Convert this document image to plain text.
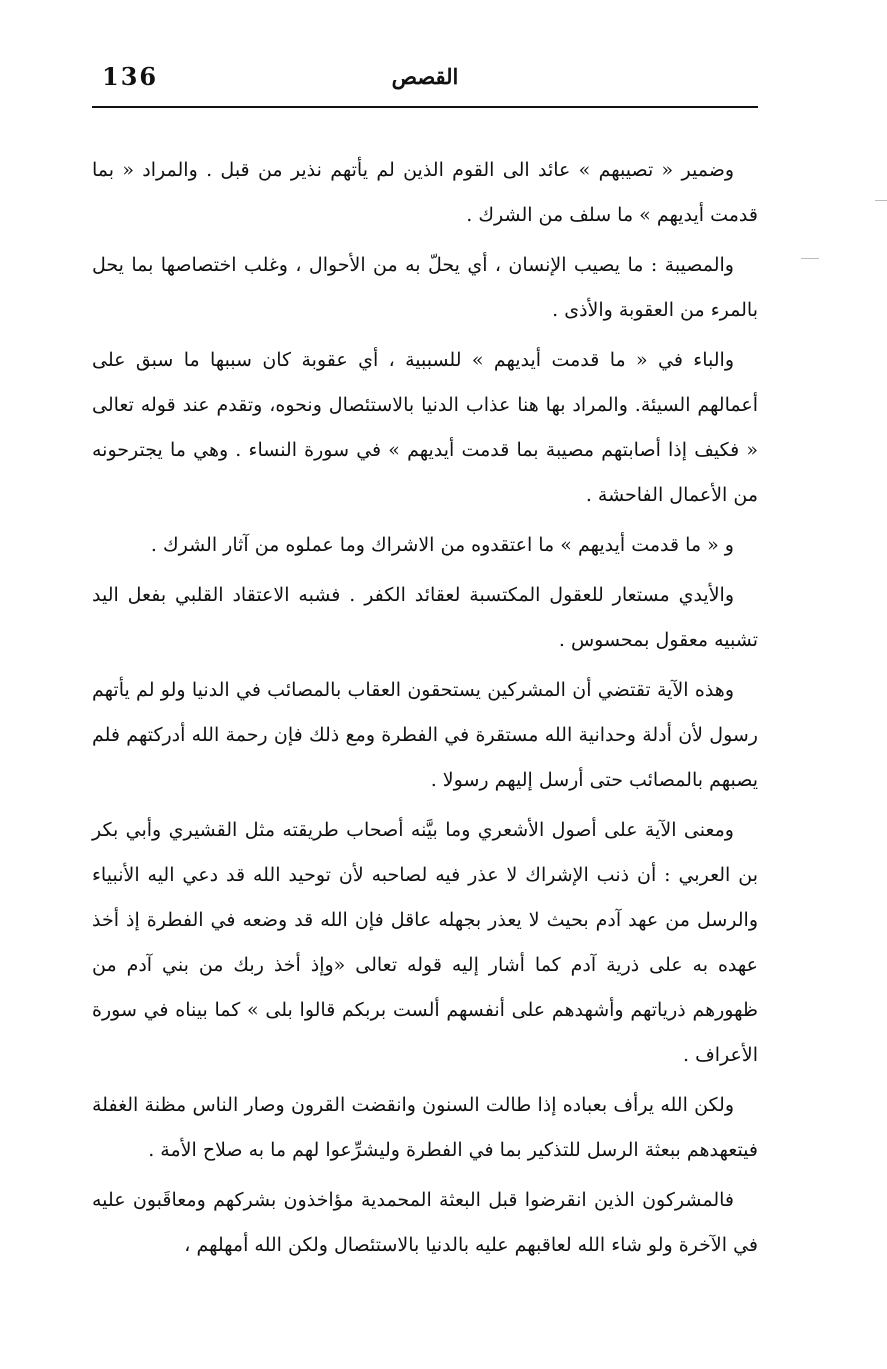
136	القصص

وضمير « تصيبهم » عائد الى القوم الذين لم يأتهم نذير من قبل . والمراد « بما قدمت أيديهم » ما سلف من الشرك .

والمصيبة : ما يصيب الإنسان ، أي يحلّ به من الأحوال ، وغلب اختصاصها بما يحل بالمرء من العقوبة والأذى .

والباء في « ما قدمت أيديهم » للسببية ، أي عقوبة كان سببها ما سبق على أعمالهم السيئة. والمراد بها هنا عذاب الدنيا بالاستئصال ونحوه، وتقدم عند قوله تعالى « فكيف إذا أصابتهم مصيبة بما قدمت أيديهم » في سورة النساء . وهي ما يجترحونه من الأعمال الفاحشة .

و « ما قدمت أيديهم » ما اعتقدوه من الاشراك وما عملوه من آثار الشرك .

والأيدي مستعار للعقول المكتسبة لعقائد الكفر . فشبه الاعتقاد القلبي بفعل اليد تشبيه معقول بمحسوس .

وهذه الآية تقتضي أن المشركين يستحقون العقاب بالمصائب في الدنيا ولو لم يأتهم رسول لأن أدلة وحدانية الله مستقرة في الفطرة ومع ذلك فإن رحمة الله أدركتهم فلم يصبهم بالمصائب حتى أرسل إليهم رسولا .

ومعنى الآية على أصول الأشعري وما بيَّنه أصحاب طريقته مثل القشيري وأبي بكر بن العربي : أن ذنب الإشراك لا عذر فيه لصاحبه لأن توحيد الله قد دعي اليه الأنبياء والرسل من عهد آدم بحيث لا يعذر بجهله عاقل فإن الله قد وضعه في الفطرة إذ أخذ عهده به على ذرية آدم كما أشار إليه قوله تعالى «وإذ أخذ ربك من بني آدم من ظهورهم ذرياتهم وأشهدهم على أنفسهم ألست بربكم قالوا بلى » كما بيناه في سورة الأعراف .

ولكن الله يرأف بعباده إذا طالت السنون وانقضت القرون وصار الناس مظنة الغفلة فيتعهدهم ببعثة الرسل للتذكير بما في الفطرة وليشرِّعوا لهم ما به صلاح الأمة .

فالمشركون الذين انقرضوا قبل البعثة المحمدية مؤاخذون بشركهم ومعاقَبون عليه في الآخرة ولو شاء الله لعاقبهم عليه بالدنيا بالاستئصال ولكن الله أمهلهم ،
